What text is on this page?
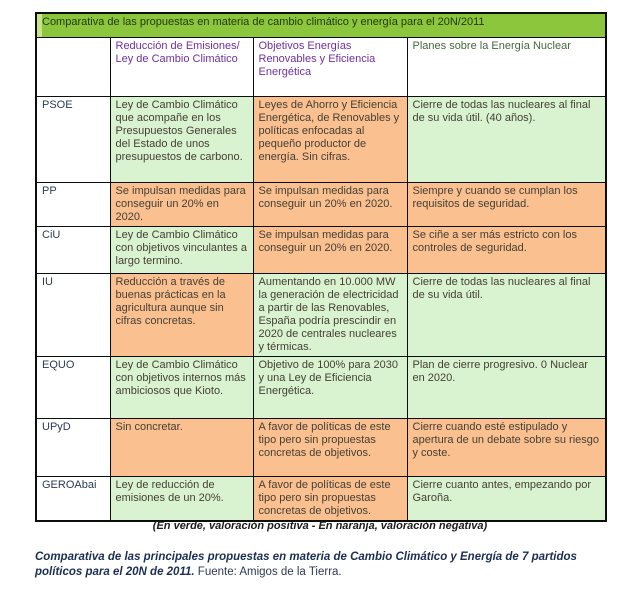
Comparativa de las propuestas en materia de cambio climático y energía para el 20N/2011			
	Reducción de Emisiones/ Ley de Cambio Climático	Objetivos Energías Renovables y Eficiencia Energética	Planes sobre la Energía Nuclear
PSOE	Ley de Cambio Climático que acompañe en los Presupuestos Generales del Estado de unos presupuestos de carbono.	Leyes de Ahorro y Eficiencia Energética, de Renovables y políticas enfocadas al pequeño productor de energía. Sin cifras.	Cierre de todas las nucleares al final de su vida útil. (40 años).
PP	Se impulsan medidas para conseguir un 20% en 2020.	Se impulsan medidas para conseguir un 20% en 2020.	Siempre y cuando se cumplan los requisitos de seguridad.
CiU	Ley de Cambio Climático con objetivos vinculantes a largo termino.	Se impulsan medidas para conseguir un 20% en 2020.	Se ciñe a ser más estricto con los controles de seguridad.
IU	Reducción a través de buenas prácticas en la agricultura aunque sin cifras concretas.	Aumentando en 10.000 MW la generación de electricidad a partir de las Renovables, España podría prescindir en 2020 de centrales nucleares y térmicas.	Cierre de todas las nucleares al final de su vida útil.
EQUO	Ley de Cambio Climático con objetivos internos más ambiciosos que Kioto.	Objetivo de 100% para 2030 y una Ley de Eficiencia Energética.	Plan de cierre progresivo. 0 Nuclear en 2020.
UPyD	Sin concretar.	A favor de políticas de este tipo pero sin propuestas concretas de objetivos.	Cierre cuando esté estipulado y apertura de un debate sobre su riesgo y coste.
GEROAbai	Ley de reducción de emisiones de un 20%.	A favor de políticas de este tipo pero sin propuestas concretas de objetivos.	Cierre cuanto antes, empezando por Garoña.

(En verde, valoración positiva - En naranja, valoración negativa)

Comparativa de las principales propuestas en materia de Cambio Climático y Energía de 7 partidos políticos para el 20N de 2011. Fuente: Amigos de la Tierra.
